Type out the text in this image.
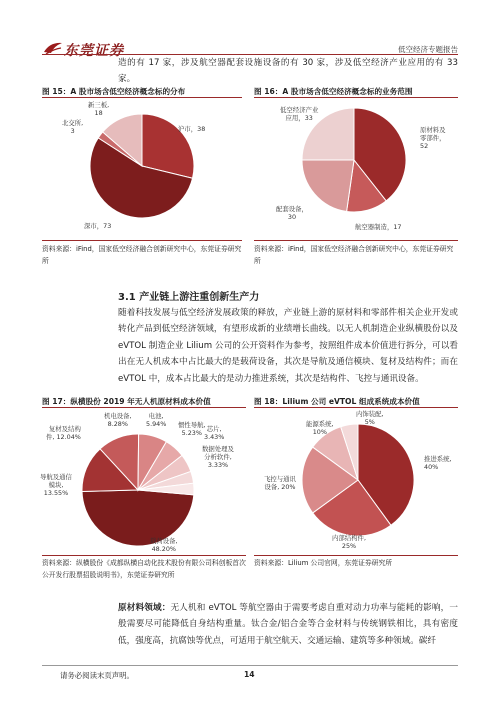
东莞证券	低空经济专题报告
造的有 17 家，涉及航空器配套设施设备的有 30 家，涉及低空经济产业应用的有 33 家。
图 15：A 股市场含低空经济概念标的分布
新三板,
18
北交所,
3	沪市，38
深市，73
资料来源：iFind，国家低空经济融合创新研究中心，东莞证券研究所
图 16：A 股市场含低空经济概念标的业务范围
低空经济产业
应用，33
原材料及
零部件，
52
配套设备，
30
航空器制造，17
资料来源：iFind，国家低空经济融合创新研究中心，东莞证券研究所
3.1 产业链上游注重创新生产力
随着科技发展与低空经济发展政策的释放，产业链上游的原材料和零部件相关企业开发或转化产品到低空经济领域，有望形成新的业绩增长曲线。以无人机制造企业纵横股份以及 eVTOL 制造企业 Lilium 公司的公开资料作为参考，按照组件成本价值进行拆分，可以看出在无人机成本中占比最大的是载荷设备，其次是导航及通信模块、复材及结构件；而在 eVTOL 中，成本占比最大的是动力推进系统，其次是结构件、飞控与通讯设备。
图 17：纵横股份 2019 年无人机原材料成本价值
机电设备,
8.28%
电池,
5.94% 惯性导航,
5.23% 芯片,
3.43%
数据处理及
分析软件,
3.33%
复材及结构
件, 12.04%
导航及通信
模块,
13.55%
载荷设备,
48.20%
资料来源：纵横股份《成都纵横自动化技术股份有限公司科创板首次公开发行股票招股说明书》，东莞证券研究所
图 18：Lilium 公司 eVTOL 组成系统成本价值
内饰装配,
5%
能源系统,
10%
推进系统,
40%
飞控与通讯
设备, 20%
内部结构件,
25%
资料来源：Lilium 公司官网，东莞证券研究所
原材料领域：无人机和 eVTOL 等航空器由于需要考虑自重对动力功率与能耗的影响，一般需要尽可能降低自身结构重量。钛合金/铝合金等合金材料与传统钢铁相比，具有密度低，强度高，抗腐蚀等优点，可适用于航空航天、交通运输、建筑等多种领域。碳纤
请务必阅读末页声明。	14
